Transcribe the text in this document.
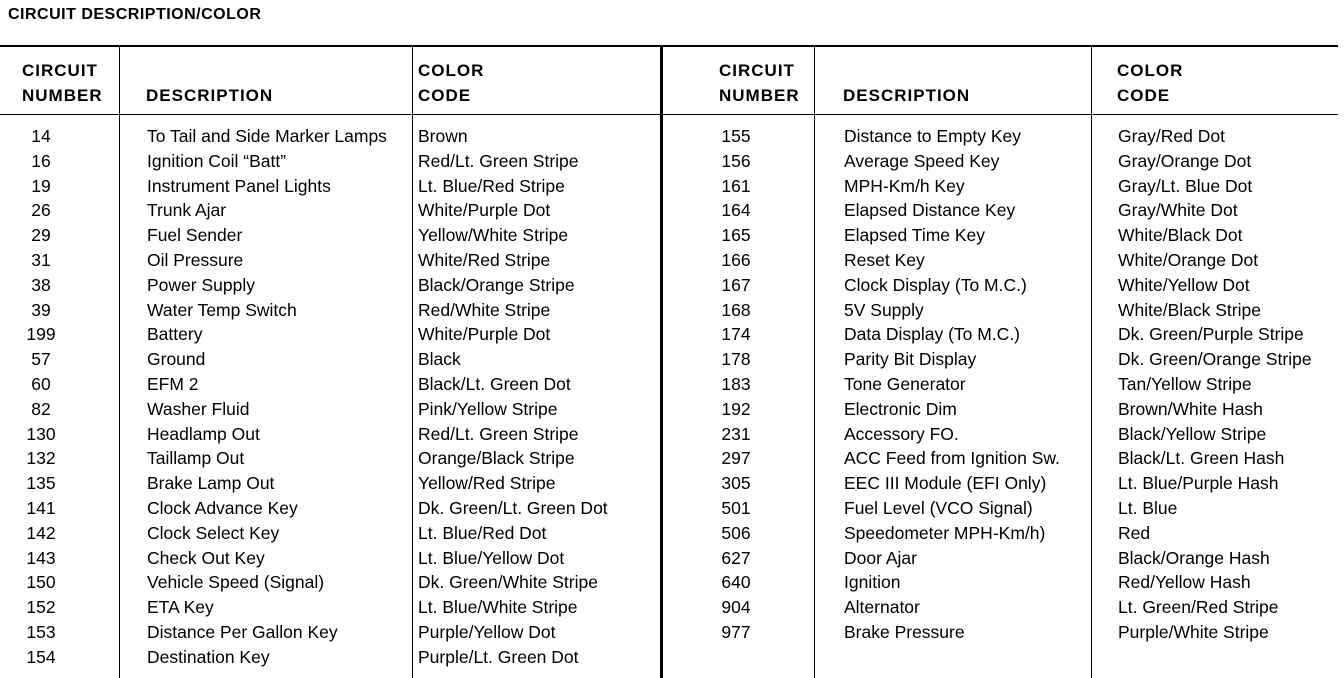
CIRCUIT DESCRIPTION/COLOR
CIRCUIT
NUMBER	DESCRIPTION
COLOR
CODE
CIRCUIT
NUMBER	DESCRIPTION
COLOR
CODE
14
16
19
26
29
31
38
39
199
57
60
82
130
132
135
141
142
143
150
152
153
154
To Tail and Side Marker Lamps
Ignition Coil “Batt”
Instrument Panel Lights
Trunk Ajar
Fuel Sender
Oil Pressure
Power Supply
Water Temp Switch
Battery
Ground
EFM 2
Washer Fluid
Headlamp Out
Taillamp Out
Brake Lamp Out
Clock Advance Key
Clock Select Key
Check Out Key
Vehicle Speed (Signal)
ETA Key
Distance Per Gallon Key
Destination Key
Brown
Red/Lt. Green Stripe
Lt. Blue/Red Stripe
White/Purple Dot
Yellow/White Stripe
White/Red Stripe
Black/Orange Stripe
Red/White Stripe
White/Purple Dot
Black
Black/Lt. Green Dot
Pink/Yellow Stripe
Red/Lt. Green Stripe
Orange/Black Stripe
Yellow/Red Stripe
Dk. Green/Lt. Green Dot
Lt. Blue/Red Dot
Lt. Blue/Yellow Dot
Dk. Green/White Stripe
Lt. Blue/White Stripe
Purple/Yellow Dot
Purple/Lt. Green Dot
155
156
161
164
165
166
167
168
174
178
183
192
231
297
305
501
506
627
640
904
977
Distance to Empty Key
Average Speed Key
MPH-Km/h Key
Elapsed Distance Key
Elapsed Time Key
Reset Key
Clock Display (To M.C.)
5V Supply
Data Display (To M.C.)
Parity Bit Display
Tone Generator
Electronic Dim
Accessory FO.
ACC Feed from Ignition Sw.
EEC III Module (EFI Only)
Fuel Level (VCO Signal)
Speedometer MPH-Km/h)
Door Ajar
Ignition
Alternator
Brake Pressure
Gray/Red Dot
Gray/Orange Dot
Gray/Lt. Blue Dot
Gray/White Dot
White/Black Dot
White/Orange Dot
White/Yellow Dot
White/Black Stripe
Dk. Green/Purple Stripe
Dk. Green/Orange Stripe
Tan/Yellow Stripe
Brown/White Hash
Black/Yellow Stripe
Black/Lt. Green Hash
Lt. Blue/Purple Hash
Lt. Blue
Red
Black/Orange Hash
Red/Yellow Hash
Lt. Green/Red Stripe
Purple/White Stripe
